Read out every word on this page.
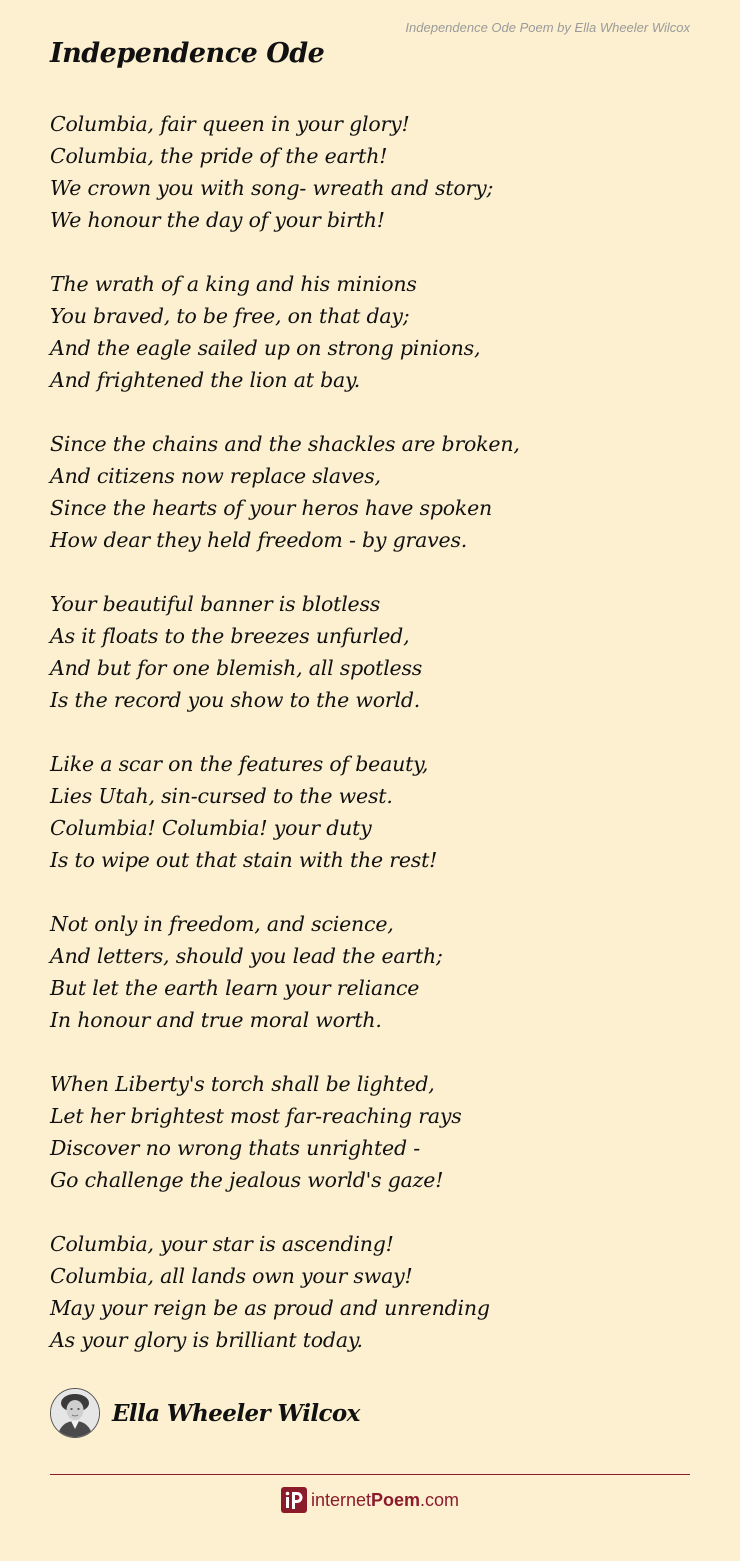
Independence Ode Poem by Ella Wheeler Wilcox
Independence Ode
Columbia, fair queen in your glory!
Columbia, the pride of the earth!
We crown you with song- wreath and story;
We honour the day of your birth!
The wrath of a king and his minions
You braved, to be free, on that day;
And the eagle sailed up on strong pinions,
And frightened the lion at bay.
Since the chains and the shackles are broken,
And citizens now replace slaves,
Since the hearts of your heros have spoken
How dear they held freedom - by graves.
Your beautiful banner is blotless
As it floats to the breezes unfurled,
And but for one blemish, all spotless
Is the record you show to the world.
Like a scar on the features of beauty,
Lies Utah, sin-cursed to the west.
Columbia! Columbia! your duty
Is to wipe out that stain with the rest!
Not only in freedom, and science,
And letters, should you lead the earth;
But let the earth learn your reliance
In honour and true moral worth.
When Liberty's torch shall be lighted,
Let her brightest most far-reaching rays
Discover no wrong thats unrighted -
Go challenge the jealous world's gaze!
Columbia, your star is ascending!
Columbia, all lands own your sway!
May your reign be as proud and unrending
As your glory is brilliant today.
Ella Wheeler Wilcox
internet Poem .com
